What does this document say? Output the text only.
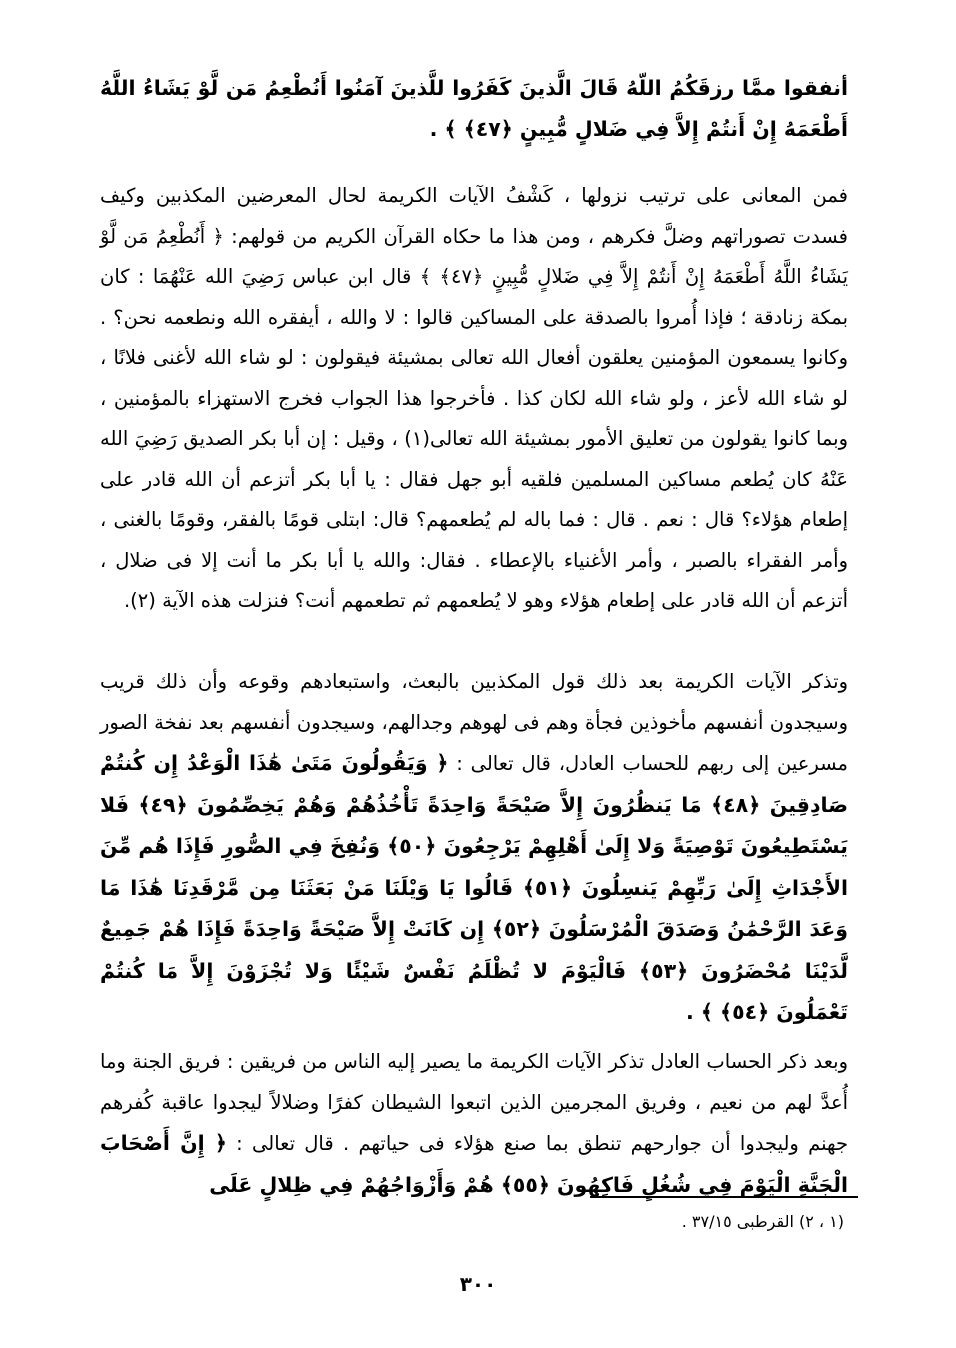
أنفقوا ممَّا رزقَكُمُ اللّهُ قَالَ الَّذينَ كَفَرُوا للَّذينَ آمَنُوا أَنُطْعِمُ مَن لَّوْ يَشَاءُ اللَّهُ أَطْعَمَهُ إِنْ أَنتُمْ إِلاَّ فِي ضَلالٍ مُّبِينٍ ﴿٤٧﴾ ﴾ .

فمن المعانى على ترتيب نزولها ، كَشْفُ الآيات الكريمة لحال المعرضين المكذبين وكيف فسدت تصوراتهم وضلَّ فكرهم ، ومن هذا ما حكاه القرآن الكريم من قولهم: ﴿ أَنُطْعِمُ مَن لَّوْ يَشَاءُ اللَّهُ أَطْعَمَهُ إِنْ أَنتُمْ إِلاَّ فِي ضَلالٍ مُّبِينٍ ﴿٤٧﴾ ﴾ قال ابن عباس رَضِيَ الله عَنْهُمَا : كان بمكة زنادقة ؛ فإذا أُمروا بالصدقة على المساكين قالوا : لا والله ، أيفقره الله ونطعمه نحن؟ . وكانوا يسمعون المؤمنين يعلقون أفعال الله تعالى بمشيئة فيقولون : لو شاء الله لأغنى فلانًا ، لو شاء الله لأعز ، ولو شاء الله لكان كذا . فأخرجوا هذا الجواب فخرج الاستهزاء بالمؤمنين ، وبما كانوا يقولون من تعليق الأمور بمشيئة الله تعالى(١) ، وقيل : إن أبا بكر الصديق رَضِيَ الله عَنْهُ كان يُطعم مساكين المسلمين فلقيه أبو جهل فقال : يا أبا بكر أتزعم أن الله قادر على إطعام هؤلاء؟ قال : نعم . قال : فما باله لم يُطعمهم؟ قال: ابتلى قومًا بالفقر، وقومًا بالغنى ، وأمر الفقراء بالصبر ، وأمر الأغنياء بالإعطاء . فقال: والله يا أبا بكر ما أنت إلا فى ضلال ، أتزعم أن الله قادر على إطعام هؤلاء وهو لا يُطعمهم ثم تطعمهم أنت؟ فنزلت هذه الآية (٢).

وتذكر الآيات الكريمة بعد ذلك قول المكذبين بالبعث، واستبعادهم وقوعه وأن ذلك قريب وسيجدون أنفسهم مأخوذين فجأة وهم فى لهوهم وجدالهم، وسيجدون أنفسهم بعد نفخة الصور مسرعين إلى ربهم للحساب العادل، قال تعالى : ﴿ وَيَقُولُونَ مَتَىٰ هَٰذَا الْوَعْدُ إِن كُنتُمْ صَادِقِينَ ﴿٤٨﴾ مَا يَنظُرُونَ إِلاَّ صَيْحَةً وَاحِدَةً تَأْخُذُهُمْ وَهُمْ يَخِصِّمُونَ ﴿٤٩﴾ فَلا يَسْتَطِيعُونَ تَوْصِيَةً وَلا إِلَىٰ أَهْلِهِمْ يَرْجِعُونَ ﴿٥٠﴾ وَنُفِخَ فِي الصُّورِ فَإِذَا هُم مِّنَ الأَجْدَاثِ إِلَىٰ رَبِّهِمْ يَنسِلُونَ ﴿٥١﴾ قَالُوا يَا وَيْلَنَا مَنْ بَعَثَنَا مِن مَّرْقَدِنَا هَٰذَا مَا وَعَدَ الرَّحْمَٰنُ وَصَدَقَ الْمُرْسَلُونَ ﴿٥٢﴾ إِن كَانَتْ إِلاَّ صَيْحَةً وَاحِدَةً فَإِذَا هُمْ جَمِيعٌ لَّدَيْنَا مُحْضَرُونَ ﴿٥٣﴾ فَالْيَوْمَ لا تُظْلَمُ نَفْسٌ شَيْئًا وَلا تُجْزَوْنَ إِلاَّ مَا كُنتُمْ تَعْمَلُونَ ﴿٥٤﴾ ﴾ .

وبعد ذكر الحساب العادل تذكر الآيات الكريمة ما يصير إليه الناس من فريقين : فريق الجنة وما أُعدَّ لهم من نعيم ، وفريق المجرمين الذين اتبعوا الشيطان كفرًا وضلالاً ليجدوا عاقبة كُفرهم جهنم وليجدوا أن جوارحهم تنطق بما صنع هؤلاء فى حياتهم . قال تعالى : ﴿ إِنَّ أَصْحَابَ الْجَنَّةِ الْيَوْمَ فِي شُغُلٍ فَاكِهُونَ ﴿٥٥﴾ هُمْ وَأَزْوَاجُهُمْ فِي ظِلالٍ عَلَى

(١ ، ٢) القرطبى ٣٧/١٥ .
٣٠٠
